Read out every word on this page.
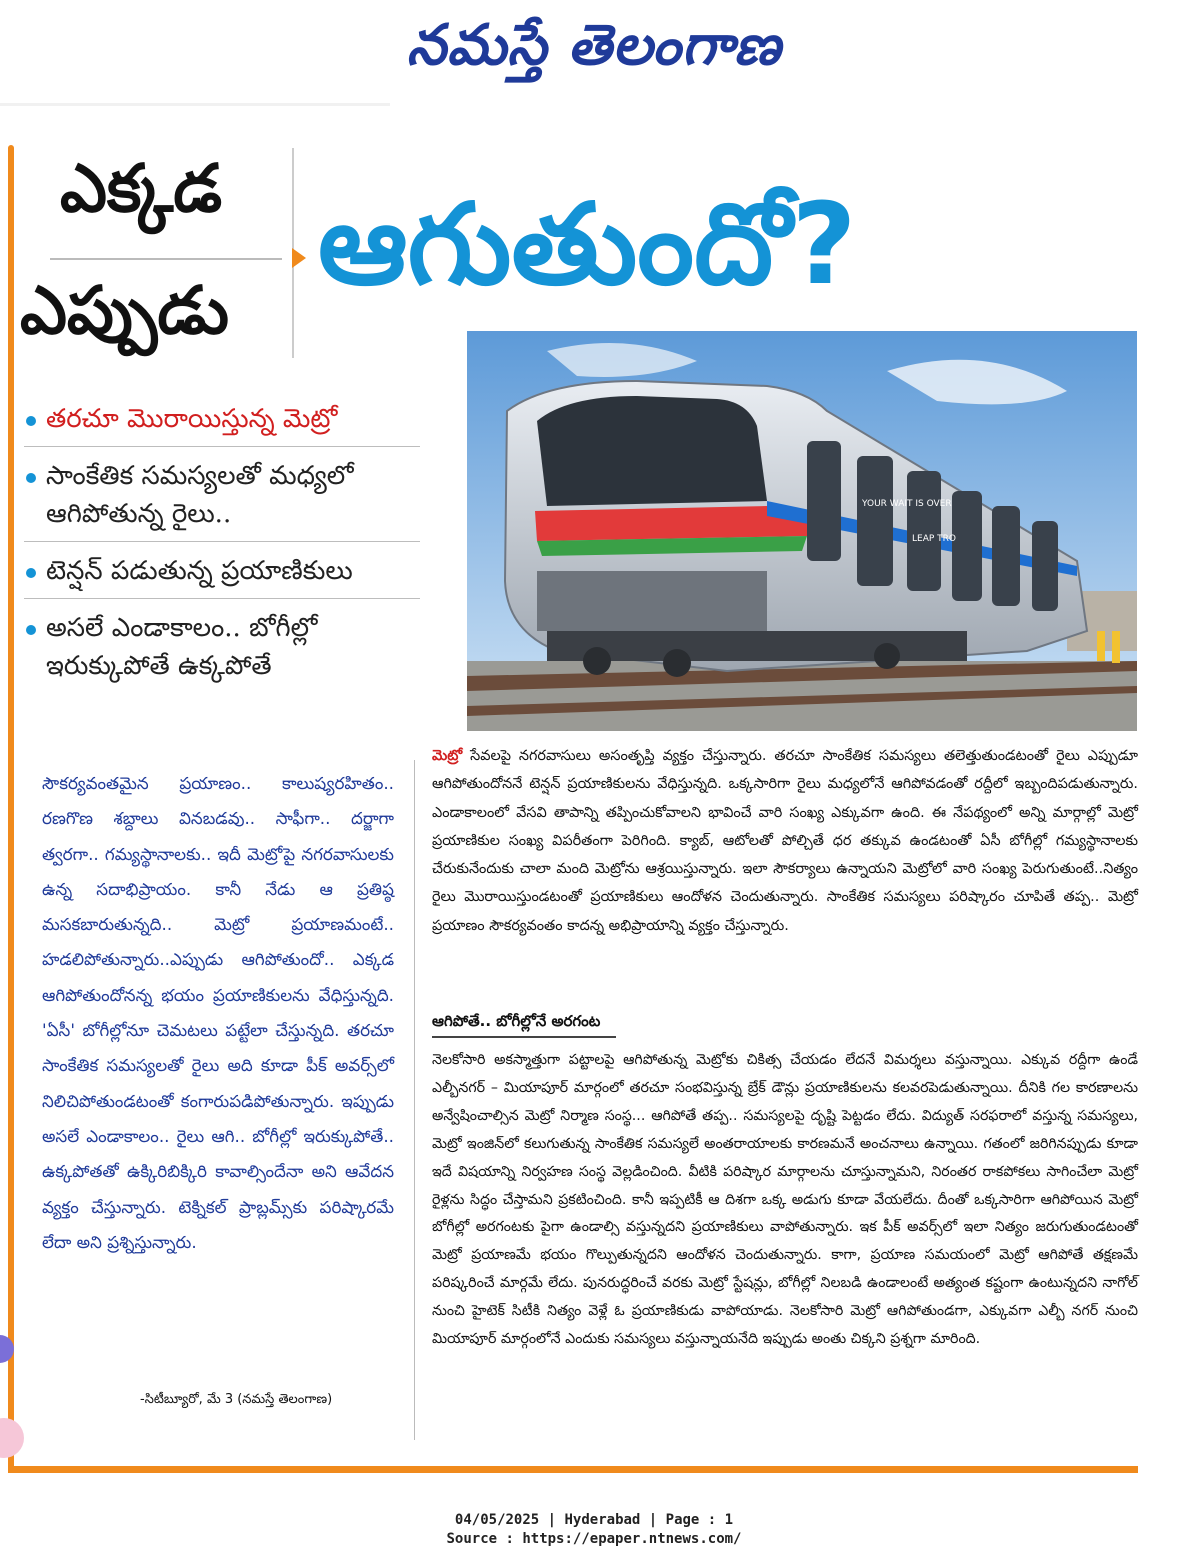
నమస్తే తెలంగాణ
ఎక్కడ
ఎప్పుడు ఆగుతుందో?
తరచూ మొరాయిస్తున్న మెట్రో
సాంకేతిక సమస్యలతో మధ్యలో ఆగిపోతున్న రైలు..
టెన్షన్ పడుతున్న ప్రయాణికులు
అసలే ఎండాకాలం.. బోగీల్లో ఇరుక్కుపోతే ఉక్కపోతే
YOUR WAIT IS OVER
LEAP TRO
సౌకర్యవంతమైన ప్రయాణం.. కాలుష్యరహితం.. రణగొణ శబ్దాలు వినబడవు.. సాఫీగా.. దర్జాగా త్వరగా.. గమ్యస్థానాలకు.. ఇదీ మెట్రోపై నగరవాసులకు ఉన్న సదాభిప్రాయం. కానీ నేడు ఆ ప్రతిష్ఠ మసకబారుతున్నది.. మెట్రో ప్రయాణమంటే.. హడలిపోతున్నారు..ఎప్పుడు ఆగిపోతుందో.. ఎక్కడ ఆగిపోతుందోనన్న భయం ప్రయాణికులను వేధిస్తున్నది. 'ఏసీ' బోగీల్లోనూ చెమటలు పట్టేలా చేస్తున్నది. తరచూ సాంకేతిక సమస్యలతో రైలు అది కూడా పీక్ అవర్స్‌లో నిలిచిపోతుండటంతో కంగారుపడిపోతున్నారు. ఇప్పుడు అసలే ఎండాకాలం.. రైలు ఆగి.. బోగీల్లో ఇరుక్కుపోతే.. ఉక్కపోతతో ఉక్కిరిబిక్కిరి కావాల్సిందేనా అని ఆవేదన వ్యక్తం చేస్తున్నారు. టెక్నికల్ ప్రాబ్లమ్స్‌కు పరిష్కారమే లేదా అని ప్రశ్నిస్తున్నారు.
-సిటీబ్యూరో, మే 3 (నమస్తే తెలంగాణ)
మెట్రో సేవలపై నగరవాసులు అసంతృప్తి వ్యక్తం చేస్తున్నారు. తరచూ సాంకేతిక సమస్యలు తలెత్తుతుండటంతో రైలు ఎప్పుడూ ఆగిపోతుందోననే టెన్షన్ ప్రయాణికులను వేధిస్తున్నది. ఒక్కసారిగా రైలు మధ్యలోనే ఆగిపోవడంతో రద్దీలో ఇబ్బందిపడుతున్నారు. ఎండాకాలంలో వేసవి తాపాన్ని తప్పించుకోవాలని భావించే వారి సంఖ్య ఎక్కువగా ఉంది. ఈ నేపథ్యంలో అన్ని మార్గాల్లో మెట్రో ప్రయాణికుల సంఖ్య విపరీతంగా పెరిగింది. క్యాబ్, ఆటోలతో పోల్చితే ధర తక్కువ ఉండటంతో ఏసీ బోగీల్లో గమ్యస్థానాలకు చేరుకునేందుకు చాలా మంది మెట్రోను ఆశ్రయిస్తున్నారు. ఇలా సౌకర్యాలు ఉన్నాయని మెట్రోలో వారి సంఖ్య పెరుగుతుంటే..నిత్యం రైలు మొరాయిస్తుండటంతో ప్రయాణికులు ఆందోళన చెందుతున్నారు. సాంకేతిక సమస్యలు పరిష్కారం చూపితే తప్ప.. మెట్రో ప్రయాణం సౌకర్యవంతం కాదన్న అభిప్రాయాన్ని వ్యక్తం చేస్తున్నారు.
ఆగిపోతే.. బోగీల్లోనే అరగంట
నెలకోసారి అకస్మాత్తుగా పట్టాలపై ఆగిపోతున్న మెట్రోకు చికిత్స చేయడం లేదనే విమర్శలు వస్తున్నాయి. ఎక్కువ రద్దీగా ఉండే ఎల్బీనగర్ – మియాపూర్ మార్గంలో తరచూ సంభవిస్తున్న బ్రేక్ డౌన్లు ప్రయాణికులను కలవరపెడుతున్నాయి. దీనికి గల కారణాలను అన్వేషించాల్సిన మెట్రో నిర్మాణ సంస్థ... ఆగిపోతే తప్ప.. సమస్యలపై దృష్టి పెట్టడం లేదు. విద్యుత్ సరఫరాలో వస్తున్న సమస్యలు, మెట్రో ఇంజిన్‌లో కలుగుతున్న సాంకేతిక సమస్యలే అంతరాయాలకు కారణమనే అంచనాలు ఉన్నాయి. గతంలో జరిగినప్పుడు కూడా ఇదే విషయాన్ని నిర్వహణ సంస్థ వెల్లడించింది. వీటికి పరిష్కార మార్గాలను చూస్తున్నామని, నిరంతర రాకపోకలు సాగించేలా మెట్రో రైళ్లను సిద్ధం చేస్తామని ప్రకటించింది. కానీ ఇప్పటికీ ఆ దిశగా ఒక్క అడుగు కూడా వేయలేదు. దీంతో ఒక్కసారిగా ఆగిపోయిన మెట్రో బోగీల్లో అరగంటకు పైగా ఉండాల్సి వస్తున్నదని ప్రయాణికులు వాపోతున్నారు. ఇక పీక్ అవర్స్‌లో ఇలా నిత్యం జరుగుతుండటంతో మెట్రో ప్రయాణమే భయం గొల్పుతున్నదని ఆందోళన చెందుతున్నారు. కాగా, ప్రయాణ సమయంలో మెట్రో ఆగిపోతే తక్షణమే పరిష్కరించే మార్గమే లేదు. పునరుద్ధరించే వరకు మెట్రో స్టేషన్లు, బోగీల్లో నిలబడి ఉండాలంటే అత్యంత కష్టంగా ఉంటున్నదని నాగోల్ నుంచి హైటెక్ సిటీకి నిత్యం వెళ్లే ఓ ప్రయాణికుడు వాపోయాడు. నెలకోసారి మెట్రో ఆగిపోతుండగా, ఎక్కువగా ఎల్బీ నగర్ నుంచి మియాపూర్ మార్గంలోనే ఎందుకు సమస్యలు వస్తున్నాయనేది ఇప్పుడు అంతు చిక్కని ప్రశ్నగా మారింది.
04/05/2025 | Hyderabad | Page : 1
Source : https://epaper.ntnews.com/
